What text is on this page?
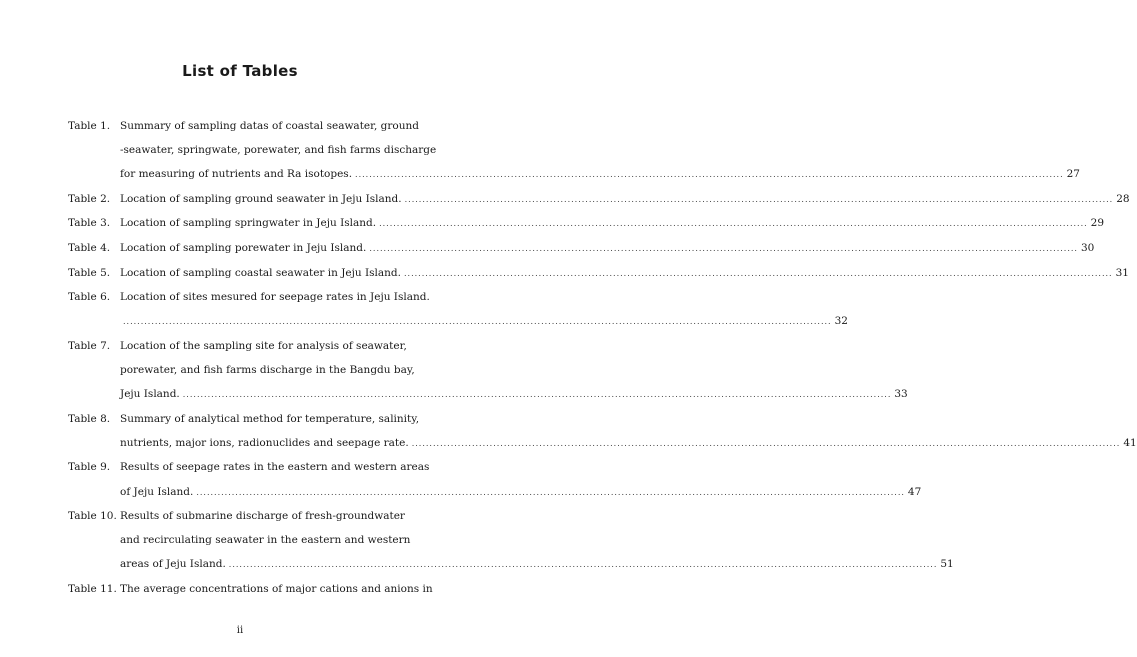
List of Tables
Table 1. Summary of sampling datas of coastal seawater, ground
-seawater, springwate, porewater, and fish farms discharge
for measuring of nutrients and Ra isotopes. ........................................................................................................................................................................................................ 27
Table 2. Location of sampling ground seawater in Jeju Island. ........................................................................................................................................................................................................ 28
Table 3. Location of sampling springwater in Jeju Island. ........................................................................................................................................................................................................ 29
Table 4. Location of sampling porewater in Jeju Island. ........................................................................................................................................................................................................ 30
Table 5. Location of sampling coastal seawater in Jeju Island. ........................................................................................................................................................................................................ 31
Table 6. Location of sites mesured for seepage rates in Jeju Island.
........................................................................................................................................................................................................ 32
Table 7. Location of the sampling site for analysis of seawater,
porewater, and fish farms discharge in the Bangdu bay,
Jeju Island. ........................................................................................................................................................................................................ 33
Table 8. Summary of analytical method for temperature, salinity,
nutrients, major ions, radionuclides and seepage rate. ........................................................................................................................................................................................................ 41
Table 9. Results of seepage rates in the eastern and western areas
of Jeju Island. ........................................................................................................................................................................................................ 47
Table 10. Results of submarine discharge of fresh-groundwater
and recirculating seawater in the eastern and western
areas of Jeju Island. ........................................................................................................................................................................................................ 51
Table 11. The average concentrations of major cations and anions in
ii
